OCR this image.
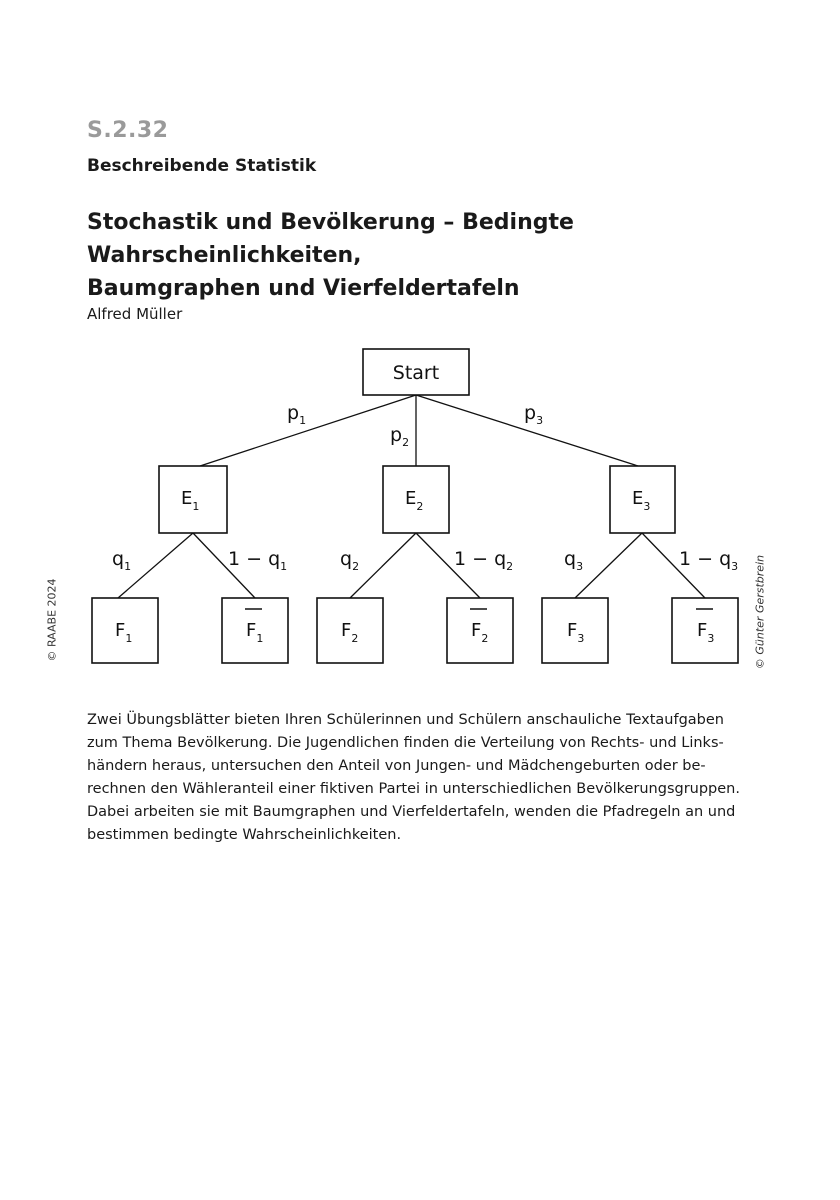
S.2.32
Beschreibende Statistik
Stochastik und Bevölkerung – Bedingte Wahrscheinlichkeiten,
Baumgraphen und Vierfeldertafeln
Alfred Müller
© RAABE 2024	© Günter Gerstbrein
Start
$E_1$	$E_2$	$E_3$
$p_1$
$p_2$
$p_3$
$q_1$	$1 - q_1$	$q_2$	$1 - q_2$	$q_3$	$1 - q_3$
$F_1$	$F_1$	$F_2$	$F_2$	$F_3$	$F_3$
Zwei Übungsblätter bieten Ihren Schülerinnen und Schülern anschauliche Textaufgaben
zum Thema Bevölkerung. Die Jugendlichen finden die Verteilung von Rechts- und Links-
händern heraus, untersuchen den Anteil von Jungen- und Mädchengeburten oder be-
rechnen den Wähleranteil einer fiktiven Partei in unterschiedlichen Bevölkerungsgruppen.
Dabei arbeiten sie mit Baumgraphen und Vierfeldertafeln, wenden die Pfadregeln an und
bestimmen bedingte Wahrscheinlichkeiten.
